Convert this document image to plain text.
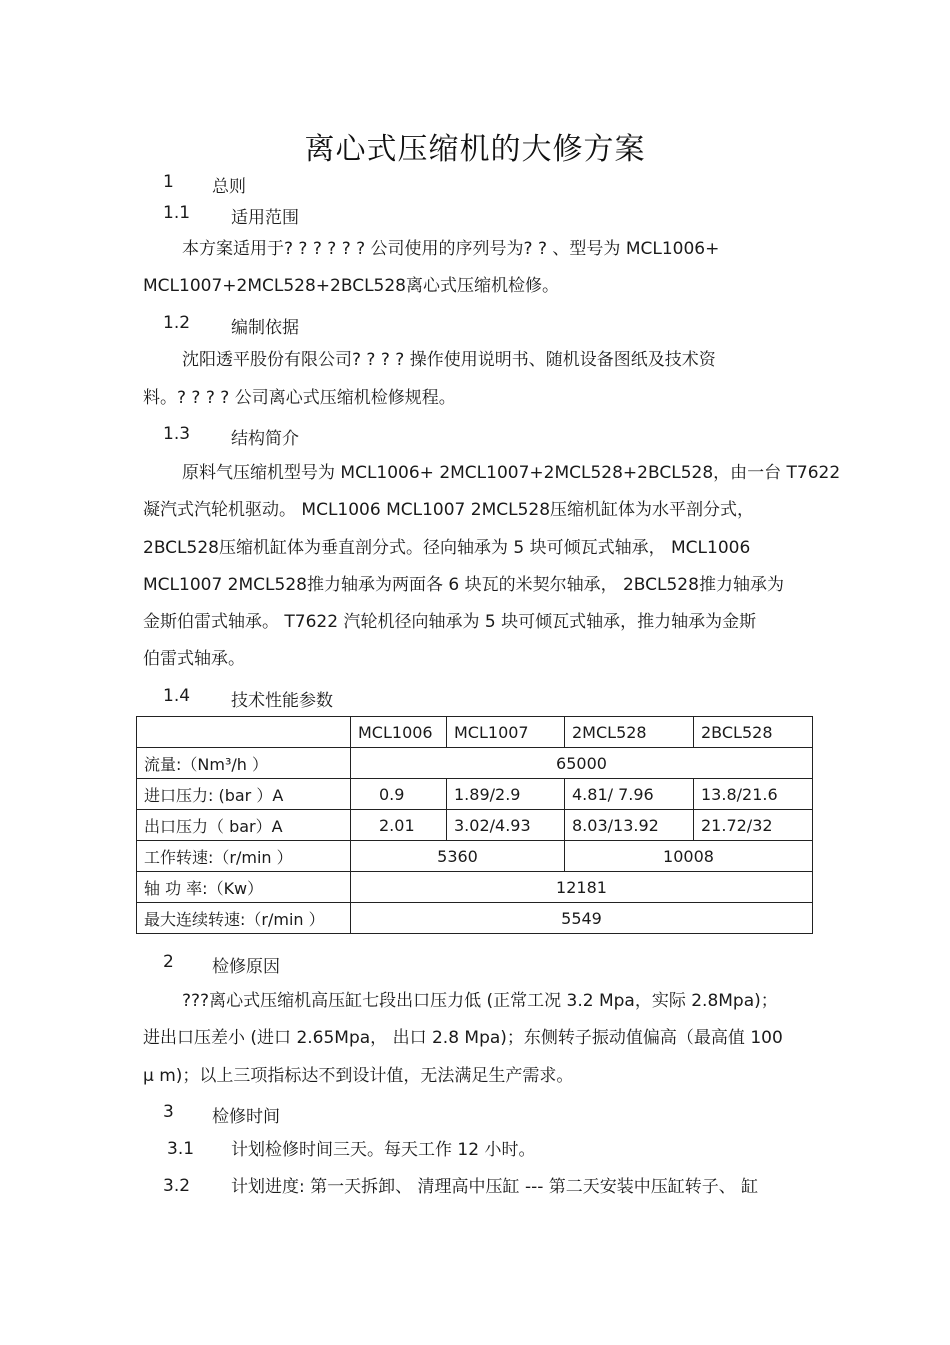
离心式压缩机的大修方案
1 总则
1.1 适用范围
本方案适用于? ? ? ? ? ? 公司使用的序列号为? ? 、型号为 MCL1006+
MCL1007+2MCL528+2BCL528离心式压缩机检修。
1.2 编制依据
沈阳透平股份有限公司? ? ? ? 操作使用说明书、随机设备图纸及技术资
料。? ? ? ? 公司离心式压缩机检修规程。
1.3 结构简介
原料气压缩机型号为 MCL1006+ 2MCL1007+2MCL528+2BCL528，由一台 T7622
凝汽式汽轮机驱动。 MCL1006 MCL1007 2MCL528压缩机缸体为水平剖分式，
2BCL528压缩机缸体为垂直剖分式。径向轴承为 5 块可倾瓦式轴承， MCL1006
MCL1007 2MCL528推力轴承为两面各 6 块瓦的米契尔轴承， 2BCL528推力轴承为
金斯伯雷式轴承。 T7622 汽轮机径向轴承为 5 块可倾瓦式轴承，推力轴承为金斯
伯雷式轴承。
1.4 技术性能参数
	MCL1006	MCL1007	2MCL528	2BCL528
流量:（Nm³/h ）	65000			
进口压力: (bar ）A	0.9	1.89/2.9	4.81/ 7.96	13.8/21.6
出口压力（ bar）A	2.01	3.02/4.93	8.03/13.92	21.72/32
工作转速:（r/min ）	5360		10008	
轴 功 率:（Kw）	12181			
最大连续转速:（r/min ）	5549			
2 检修原因
???离心式压缩机高压缸七段出口压力低 (正常工况 3.2 Mpa，实际 2.8Mpa)；
进出口压差小 (进口 2.65Mpa， 出口 2.8 Mpa)；东侧转子振动值偏高（最高值 100
μ m)；以上三项指标达不到设计值，无法满足生产需求。
3 检修时间
3.1 计划检修时间三天。每天工作 12 小时。
3.2 计划进度: 第一天拆卸、 清理高中压缸 --- 第二天安装中压缸转子、 缸
